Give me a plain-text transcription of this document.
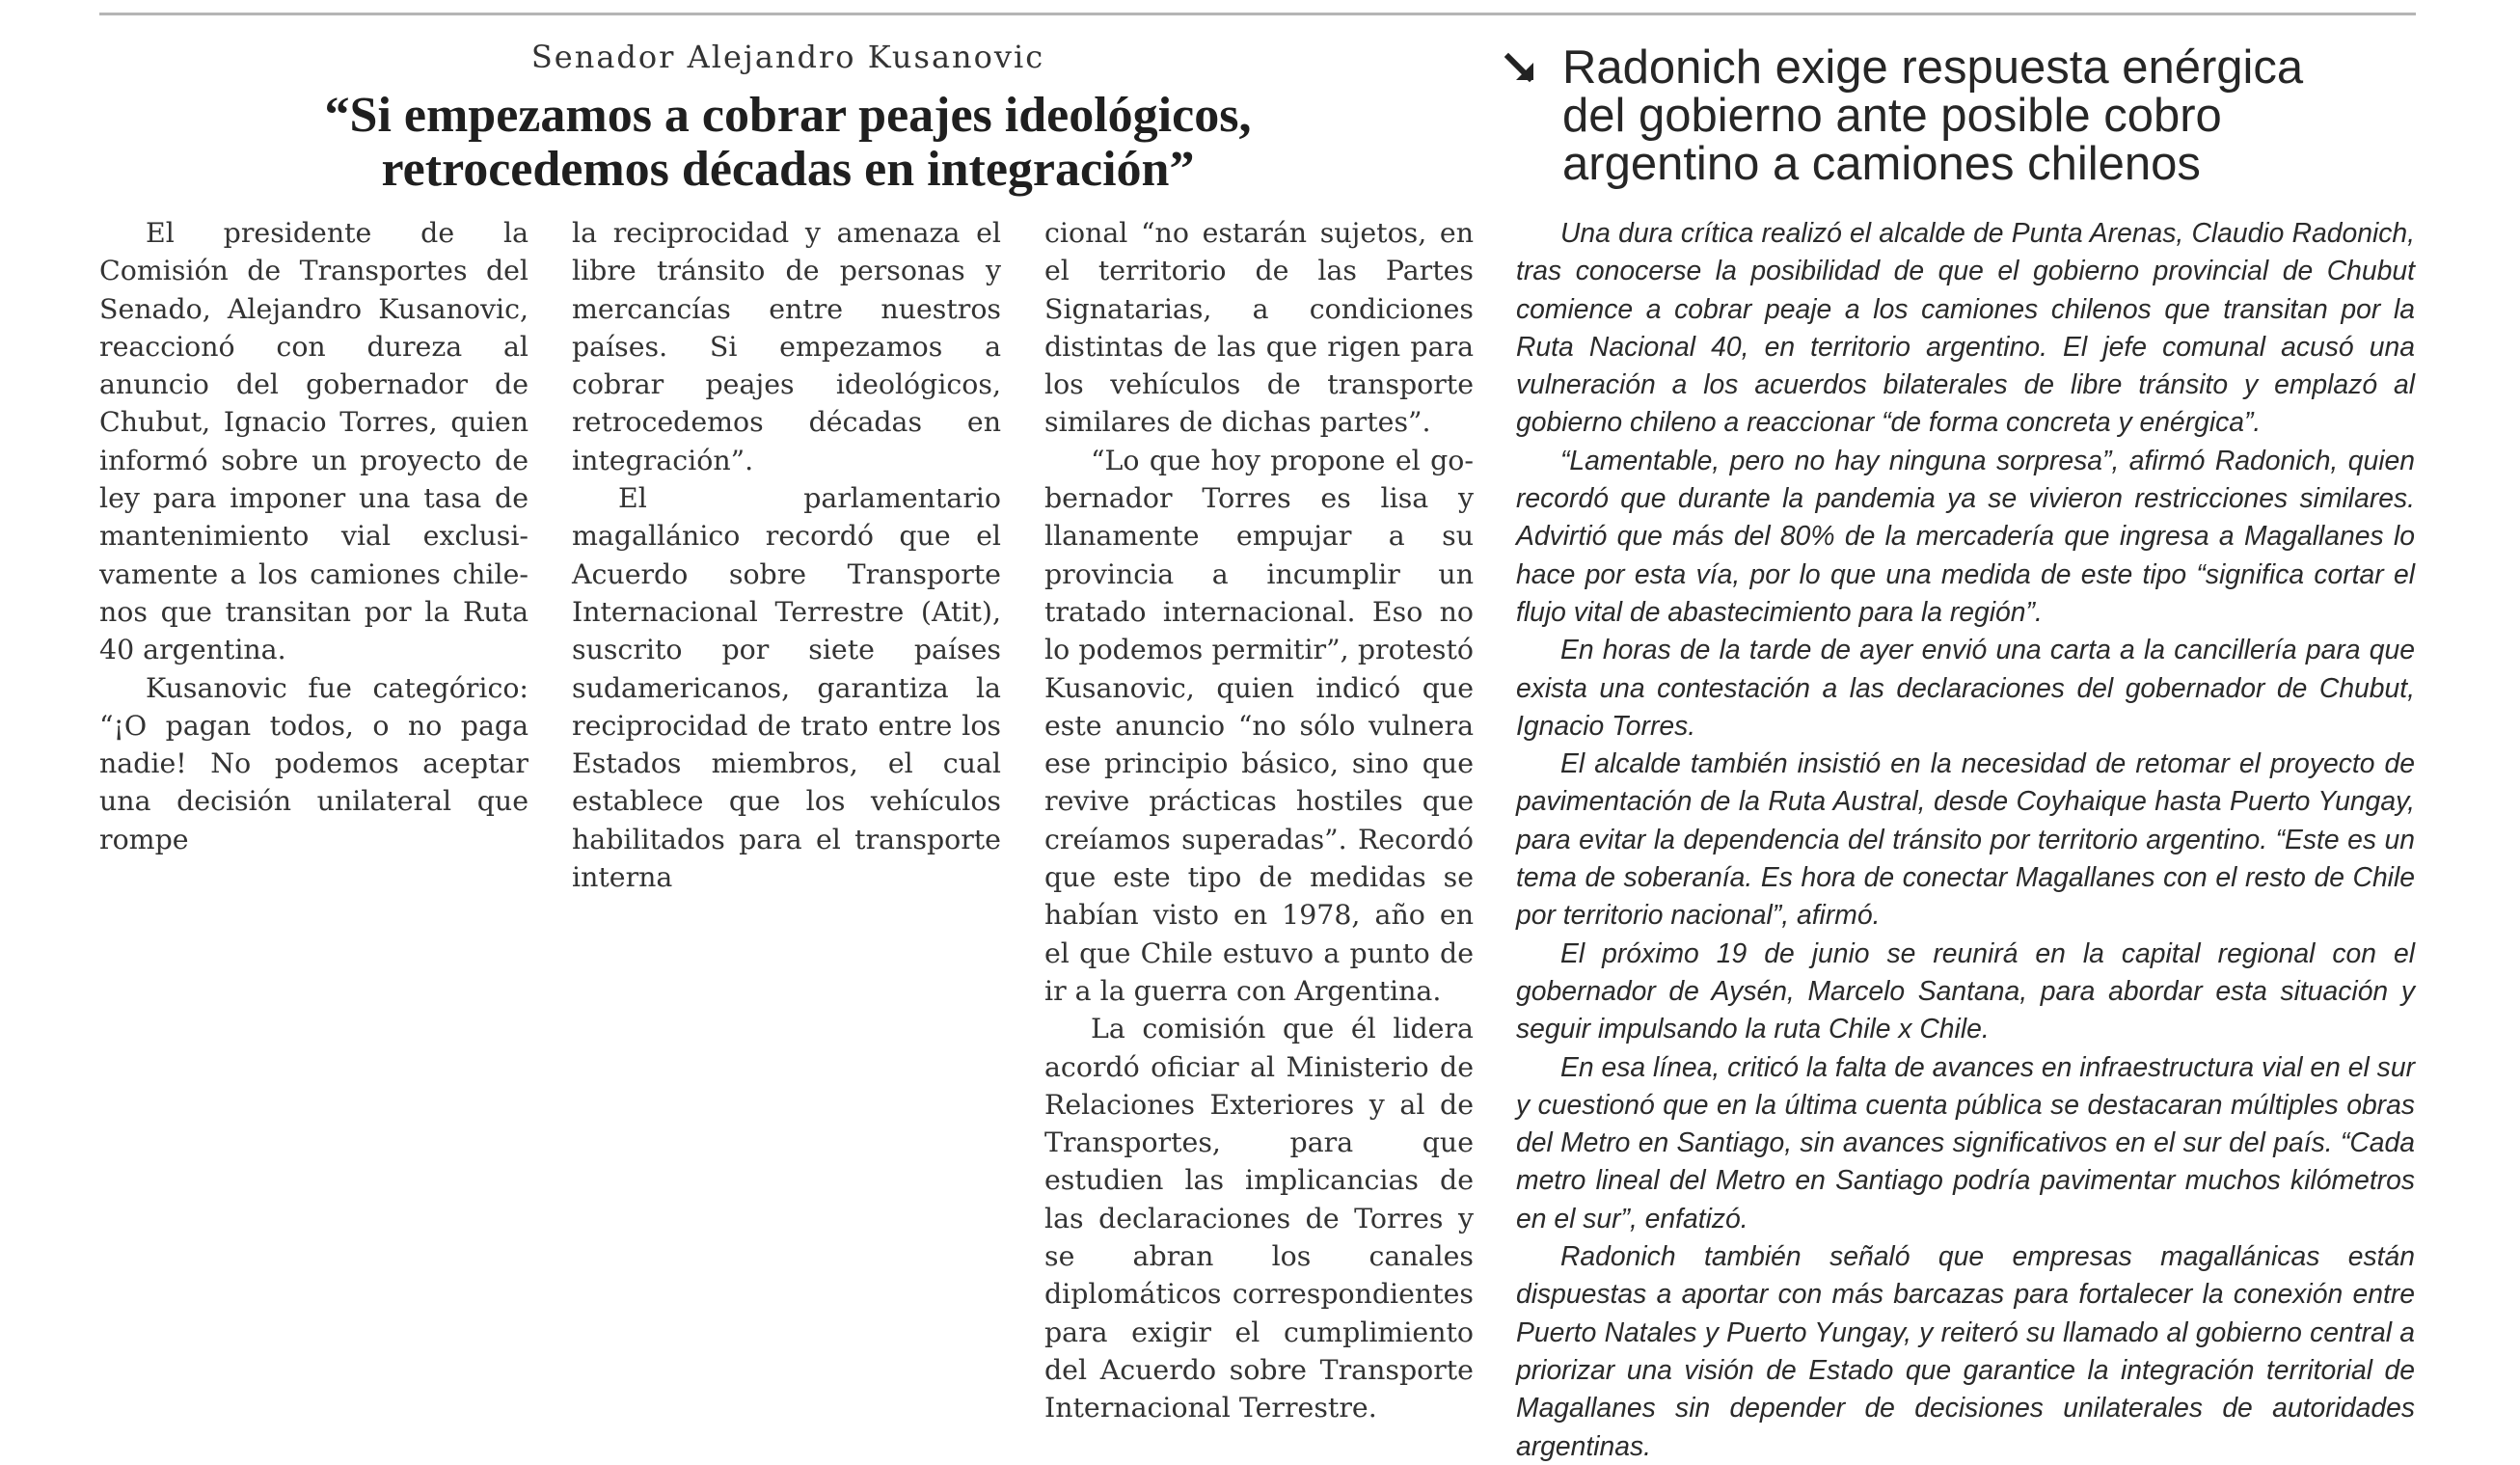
Senador Alejandro Kusanovic
“Si empezamos a cobrar peajes ideológicos,
retrocedemos décadas en integración”

El presidente de la Comisión de Transportes del Senado, Alejandro Kusanovic, reaccionó con dureza al anuncio del gobernador de Chubut, Ignacio Torres, quien informó sobre un proyecto de ley para imponer una tasa de mantenimiento vial exclusivamente a los camiones chilenos que transitan por la Ruta 40 argentina.

Kusanovic fue categórico: “¡O pagan todos, o no paga nadie! No podemos aceptar una decisión unilateral que rompe

la reciprocidad y amenaza el libre tránsito de personas y mercancías entre nuestros países. Si empezamos a cobrar peajes ideológicos, retrocedemos décadas en integración”.

El parlamentario magallánico recordó que el Acuerdo sobre Transporte Internacional Terrestre (Atit), suscrito por siete países sudamericanos, garantiza la reciprocidad de trato entre los Estados miembros, el cual establece que los vehículos habilitados para el transporte interna

cional “no estarán sujetos, en el territorio de las Partes Signatarias, a condiciones distintas de las que rigen para los vehículos de transporte similares de dichas partes”.

“Lo que hoy propone el gobernador Torres es lisa y llanamente empujar a su provincia a incumplir un tratado internacional. Eso no lo podemos permitir”, protestó Kusanovic, quien indicó que este anuncio “no sólo vulnera ese principio básico, sino que revive prácticas hostiles que creíamos superadas”. Recordó que este tipo de medidas se habían visto en 1978, año en el que Chile estuvo a punto de ir a la guerra con Argentina.

La comisión que él lidera acordó oficiar al Ministerio de Relaciones Exteriores y al de Transportes, para que estudien las implicancias de las declaraciones de Torres y se abran los canales diplomáticos correspondientes para exigir el cumplimiento del Acuerdo sobre Transporte Internacional Terrestre.

Radonich exige respuesta enérgica
del gobierno ante posible cobro
argentino a camiones chilenos

Una dura crítica realizó el alcalde de Punta Arenas, Claudio Radonich, tras conocerse la posibilidad de que el gobierno provincial de Chubut comience a cobrar peaje a los camiones chilenos que transitan por la Ruta Nacional 40, en territorio argentino. El jefe comunal acusó una vulneración a los acuerdos bilaterales de libre tránsito y emplazó al gobierno chileno a reaccionar “de forma concreta y enérgica”.

“Lamentable, pero no hay ninguna sorpresa”, afirmó Radonich, quien recordó que durante la pandemia ya se vivieron restricciones similares. Advirtió que más del 80% de la mercadería que ingresa a Magallanes lo hace por esta vía, por lo que una medida de este tipo “significa cortar el flujo vital de abastecimiento para la región”.

En horas de la tarde de ayer envió una carta a la cancillería para que exista una contestación a las declaraciones del gobernador de Chubut, Ignacio Torres.

El alcalde también insistió en la necesidad de retomar el proyecto de pavimentación de la Ruta Austral, desde Coyhaique hasta Puerto Yungay, para evitar la dependencia del tránsito por territorio argentino. “Este es un tema de soberanía. Es hora de conectar Magallanes con el resto de Chile por territorio nacional”, afirmó.

El próximo 19 de junio se reunirá en la capital regional con el gobernador de Aysén, Marcelo Santana, para abordar esta situación y seguir impulsando la ruta Chile x Chile.

En esa línea, criticó la falta de avances en infraestructura vial en el sur y cuestionó que en la última cuenta pública se destacaran múltiples obras del Metro en Santiago, sin avances significativos en el sur del país. “Cada metro lineal del Metro en Santiago podría pavimentar muchos kilómetros en el sur”, enfatizó.

Radonich también señaló que empresas magallánicas están dispuestas a aportar con más barcazas para fortalecer la conexión entre Puerto Natales y Puerto Yungay, y reiteró su llamado al gobierno central a priorizar una visión de Estado que garantice la integración territorial de Magallanes sin depender de decisiones unilaterales de autoridades argentinas.
